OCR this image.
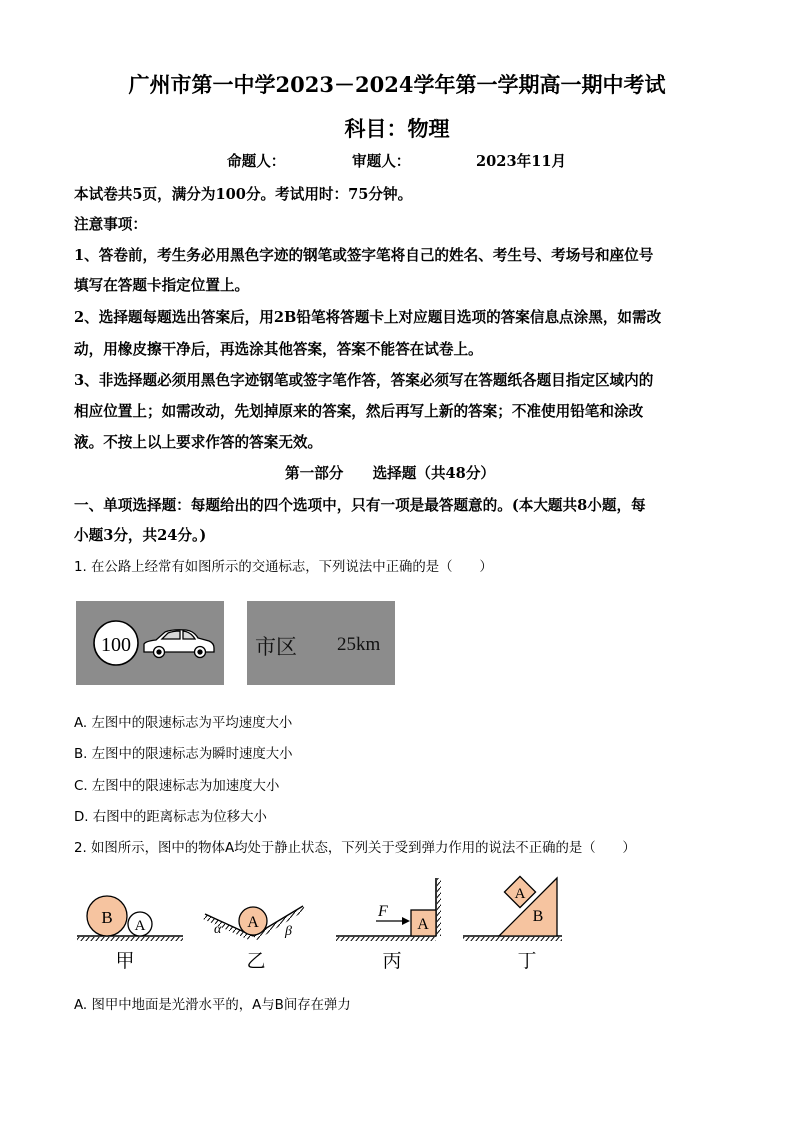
广州市第一中学2023－2024学年第一学期高一期中考试
科目：物理
命题人：	审题人：	2023年11月
本试卷共5页，满分为100分。考试用时：75分钟。
注意事项：
1、答卷前，考生务必用黑色字迹的钢笔或签字笔将自己的姓名、考生号、考场号和座位号
填写在答题卡指定位置上。
2、选择题每题选出答案后，用2B铅笔将答题卡上对应题目选项的答案信息点涂黑，如需改
动，用橡皮擦干净后，再选涂其他答案，答案不能答在试卷上。
3、非选择题必须用黑色字迹钢笔或签字笔作答，答案必须写在答题纸各题目指定区域内的
相应位置上；如需改动，先划掉原来的答案，然后再写上新的答案；不准使用铅笔和涂改
液。不按上以上要求作答的答案无效。
第一部分　　选择题（共48分）
一、单项选择题：每题给出的四个选项中，只有一项是最答题意的。(本大题共8小题，每
小题3分，共24分。)
1. 在公路上经常有如图所示的交通标志，下列说法中正确的是（　　）
100	市区 25km
A. 左图中的限速标志为平均速度大小
B. 左图中的限速标志为瞬时速度大小
C. 左图中的限速标志为加速度大小
D. 右图中的距离标志为位移大小
2. 如图所示，图中的物体A均处于静止状态，下列关于受到弹力作用的说法不正确的是（　　）
B A
甲
A
α	β
乙
A
F
丙
B
A
丁
A. 图甲中地面是光滑水平的，A与B间存在弹力
